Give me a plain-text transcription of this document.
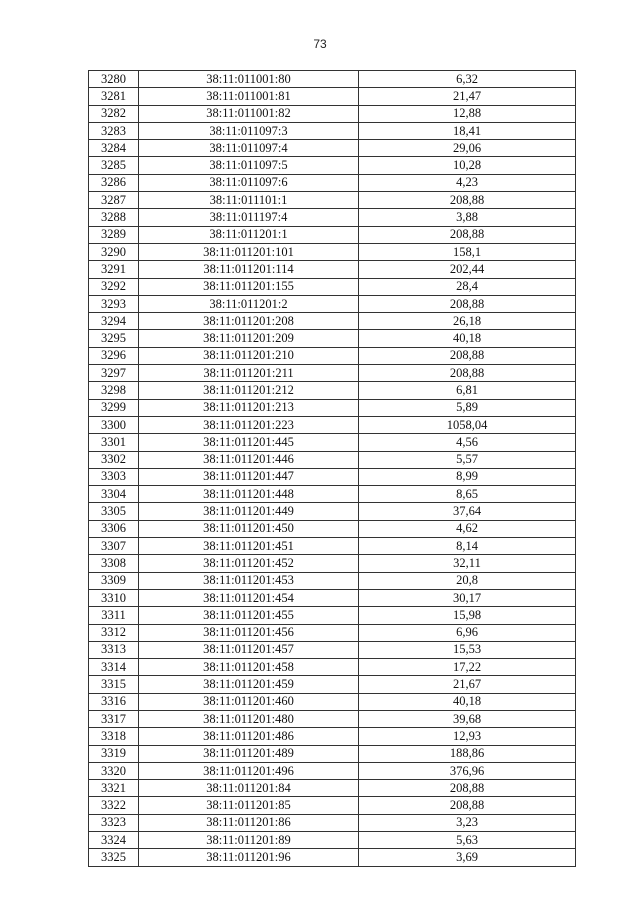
73
3280	38:11:011001:80	6,32
3281	38:11:011001:81	21,47
3282	38:11:011001:82	12,88
3283	38:11:011097:3	18,41
3284	38:11:011097:4	29,06
3285	38:11:011097:5	10,28
3286	38:11:011097:6	4,23
3287	38:11:011101:1	208,88
3288	38:11:011197:4	3,88
3289	38:11:011201:1	208,88
3290	38:11:011201:101	158,1
3291	38:11:011201:114	202,44
3292	38:11:011201:155	28,4
3293	38:11:011201:2	208,88
3294	38:11:011201:208	26,18
3295	38:11:011201:209	40,18
3296	38:11:011201:210	208,88
3297	38:11:011201:211	208,88
3298	38:11:011201:212	6,81
3299	38:11:011201:213	5,89
3300	38:11:011201:223	1058,04
3301	38:11:011201:445	4,56
3302	38:11:011201:446	5,57
3303	38:11:011201:447	8,99
3304	38:11:011201:448	8,65
3305	38:11:011201:449	37,64
3306	38:11:011201:450	4,62
3307	38:11:011201:451	8,14
3308	38:11:011201:452	32,11
3309	38:11:011201:453	20,8
3310	38:11:011201:454	30,17
3311	38:11:011201:455	15,98
3312	38:11:011201:456	6,96
3313	38:11:011201:457	15,53
3314	38:11:011201:458	17,22
3315	38:11:011201:459	21,67
3316	38:11:011201:460	40,18
3317	38:11:011201:480	39,68
3318	38:11:011201:486	12,93
3319	38:11:011201:489	188,86
3320	38:11:011201:496	376,96
3321	38:11:011201:84	208,88
3322	38:11:011201:85	208,88
3323	38:11:011201:86	3,23
3324	38:11:011201:89	5,63
3325	38:11:011201:96	3,69
